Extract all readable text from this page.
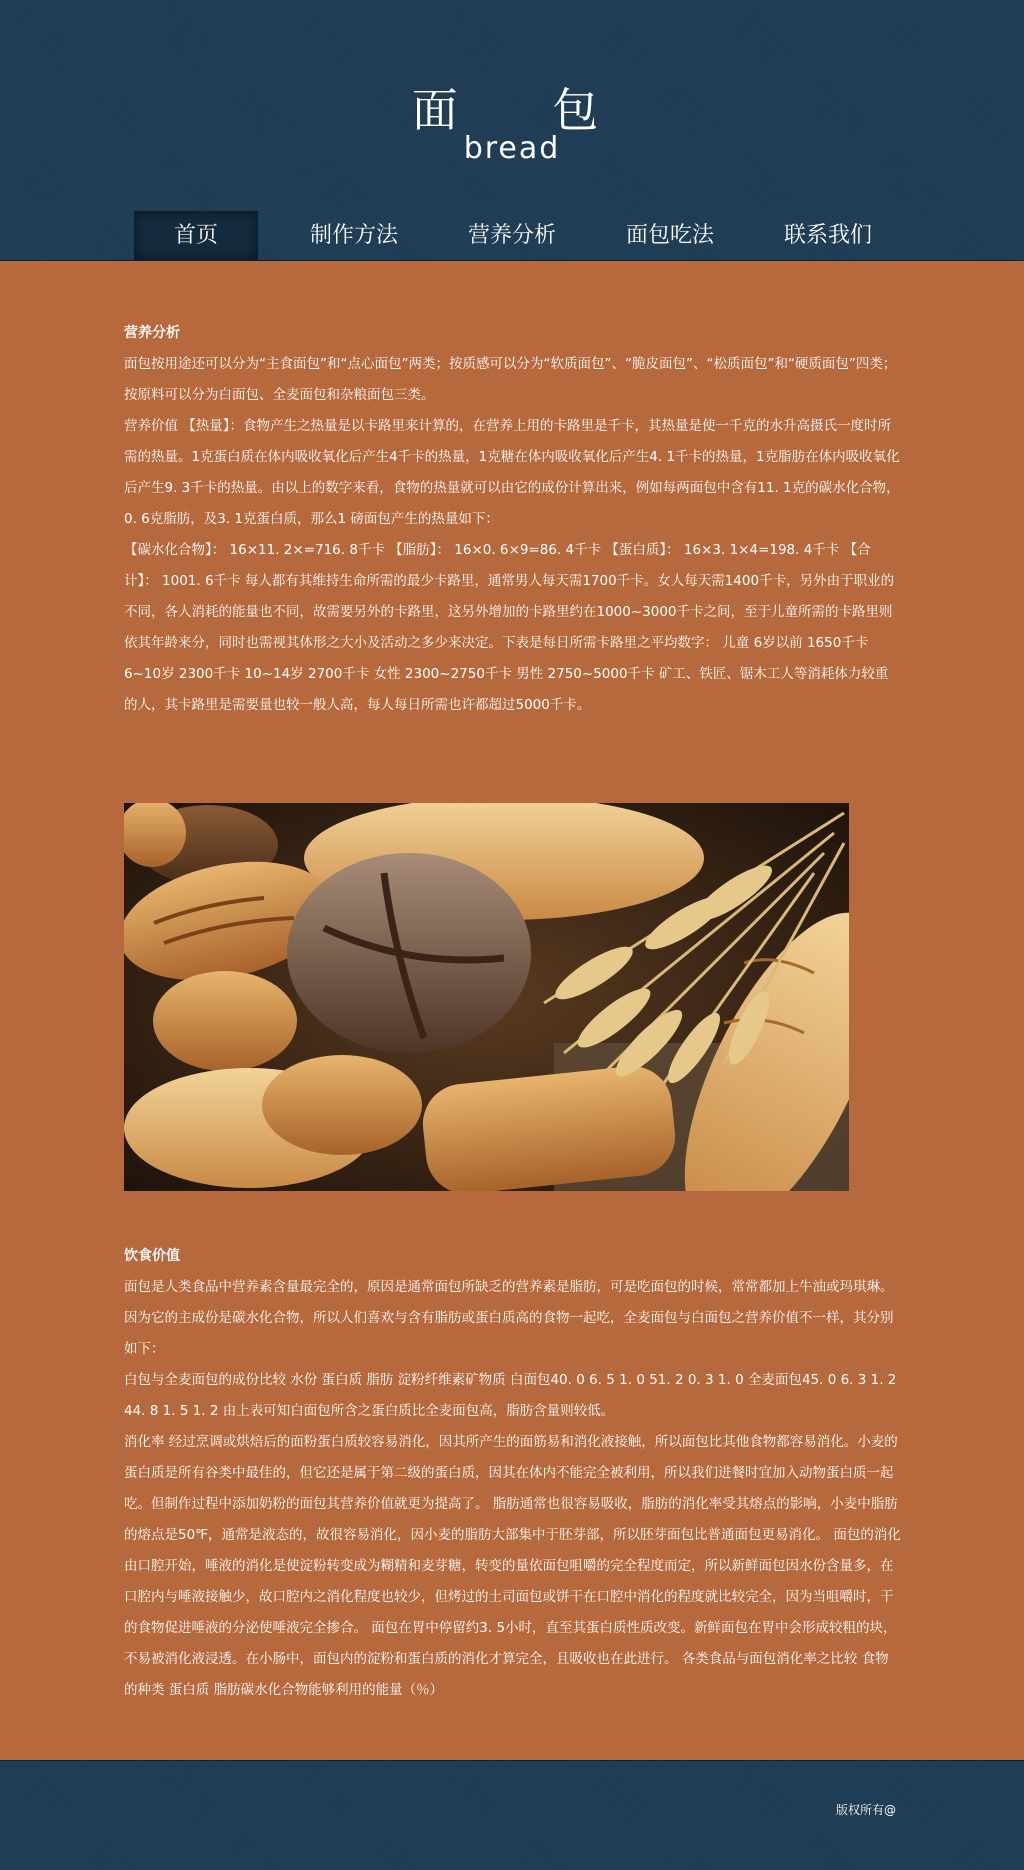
面 包
bread
首页	制作方法	营养分析	面包吃法	联系我们
营养分析

面包按用途还可以分为“主食面包”和“点心面包”两类；按质感可以分为“软质面包”、“脆皮面包”、“松质面包”和“硬质面包”四类；按原料可以分为白面包、全麦面包和杂粮面包三类。

营养价值 【热量】：食物产生之热量是以卡路里来计算的，在营养上用的卡路里是千卡，其热量是使一千克的水升高摄氏一度时所需的热量。1克蛋白质在体内吸收氧化后产生4千卡的热量，1克糖在体内吸收氧化后产生4. 1千卡的热量，1克脂肪在体内吸收氧化后产生9. 3千卡的热量。由以上的数字来看，食物的热量就可以由它的成份计算出来，例如每两面包中含有11. 1克的碳水化合物，0. 6克脂肪，及3. 1克蛋白质，那么1 磅面包产生的热量如下：

【碳水化合物】： 16×11. 2×=716. 8千卡 【脂肪】： 16×0. 6×9=86. 4千卡 【蛋白质】： 16×3. 1×4=198. 4千卡 【合计】： 1001. 6千卡 每人都有其维持生命所需的最少卡路里，通常男人每天需1700千卡。女人每天需1400千卡，另外由于职业的不同，各人消耗的能量也不同，故需要另外的卡路里，这另外增加的卡路里约在1000~3000千卡之间，至于儿童所需的卡路里则依其年龄来分，同时也需视其体形之大小及活动之多少来决定。下表是每日所需卡路里之平均数字： 儿童 6岁以前 1650千卡 6~10岁 2300千卡 10~14岁 2700千卡 女性 2300~2750千卡 男性 2750~5000千卡 矿工、铁匠、锯木工人等消耗体力较重的人，其卡路里是需要量也较一般人高，每人每日所需也许都超过5000千卡。

饮食价值

面包是人类食品中营养素含量最完全的，原因是通常面包所缺乏的营养素是脂肪，可是吃面包的时候，常常都加上牛油或玛琪琳。因为它的主成份是碳水化合物，所以人们喜欢与含有脂肪或蛋白质高的食物一起吃，全麦面包与白面包之营养价值不一样，其分别如下：

白包与全麦面包的成份比较 水份 蛋白质 脂肪 淀粉纤维素矿物质 白面包40. 0 6. 5 1. 0 51. 2 0. 3 1. 0 全麦面包45. 0 6. 3 1. 2 44. 8 1. 5 1. 2 由上表可知白面包所含之蛋白质比全麦面包高，脂肪含量则较低。

消化率 经过烹调或烘焙后的面粉蛋白质较容易消化，因其所产生的面筋易和消化液接触，所以面包比其他食物都容易消化。小麦的蛋白质是所有谷类中最佳的，但它还是属于第二级的蛋白质，因其在体内不能完全被利用，所以我们进餐时宜加入动物蛋白质一起吃。但制作过程中添加奶粉的面包其营养价值就更为提高了。 脂肪通常也很容易吸收，脂肪的消化率受其熔点的影响，小麦中脂肪的熔点是50℉，通常是液态的，故很容易消化，因小麦的脂肪大部集中于胚芽部，所以胚芽面包比普通面包更易消化。 面包的消化由口腔开始，唾液的消化是使淀粉转变成为糊精和麦芽糖，转变的量依面包咀嚼的完全程度而定，所以新鲜面包因水份含量多，在口腔内与唾液接触少，故口腔内之消化程度也较少，但烤过的土司面包或饼干在口腔中消化的程度就比较完全，因为当咀嚼时，干的食物促进唾液的分泌使唾液完全掺合。 面包在胃中停留约3. 5小时，直至其蛋白质性质改变。新鲜面包在胃中会形成较粗的块，不易被消化液浸透。在小肠中，面包内的淀粉和蛋白质的消化才算完全，且吸收也在此进行。 各类食品与面包消化率之比较 食物的种类 蛋白质 脂肪碳水化合物能够利用的能量（％）

版权所有@
